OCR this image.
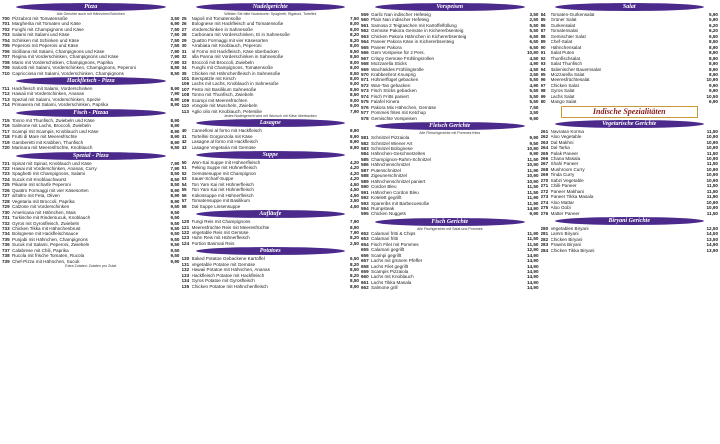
Pizza
Alle Gerichte auch mit Hähnchen/Schinken
700 Pizzabrot mit Tomatensoße	3,50
701 Margherita mit Tomaten und Käse	6,90
702 Funghi mit Champignons und Käse	7,50
703 Salami mit Salami und Käse	7,50
704 Schinken mit Schinken und Käse	7,50
705 Peperoni mit Peperoni und Käse	7,50
706 Sicilliana mit Salami, Champignons und Käse	7,90
707 Regina mit Vorderschinken, Champignons und Käse	7,90
708 Mario mit Vorderschinken, Champignons, Paprika	7,90
709 Salcotti mit Salami, Vorderschinken, Champignons, Peperoni	8,50
710 Capricciosa mit Salami, Vorderschinken, Champignons	8,50
Hackfleisch - Pizza
711 Hackfleisch mit Salami, Vorderschinken	8,90
712 Hawaii mit Vorderschinken, Ananas	7,90
713 Spezial mit Salami, Vorderschinken, Spezie	8,90
714 Primavera mit Salami, Vorderschinken, Paprika	8,90
Fisch - Pizzaa
715 Tonno mit Thunfisch, Zwiebeln und Käse	8,90
716 Salmone mit Lachs, Broccoli, Zwiebeln	8,90
717 Scampi mit Scampis, Knoblauch und Käse	8,90
718 Frutti di Mare mit Meeresfrüchte	8,90
719 Gamberetti mit Krabben, Thunfisch	8,90
720 Marinara mit Meeresfrüchte, Knoblauch	9,50
Spezial - Pizza
721 Spinat mit Spinat, Knoblauch und Käse	7,90
722 Hawai mit Vorderschinken, Ananas, Curry	7,90
723 Spaghetti mit Champignons, Salami	8,50
724 Sucuk mit Knoblauchwurst	8,50
725 Pikante mit scharfe Peperoni	8,50
726 Quattro Formaggi mit vier Käsesorten	8,90
727 all'altro mit Feta, Oliven	8,90
728 Vegetaria mit Broccoli, Paprika	8,90
729 Calzone mit Vorderschinken	9,50
730 Americana mit Hähnchen, Mais	9,50
731 Turkische mit Rindersucuk, Knoblauch	9,50
732 Gyros mit Gyrosfleisch, Zwiebeln	9,50
733 Chicken Tikka mit Hähnchenbrust	9,50
734 Bolognese mit Hackfleischsauce	9,50
735 Punjabi mit Hähnchen, Champignons	9,50
736 Sucuk mit Salami, Peperoni, Zwiebeln	9,50
737 Calabrese mit Chili, Paprika	9,50
738 Rucola mit frische Tomaten, Rucola	9,50
739 Chef-Pizza mit Hähnchen, Sucuk	9,90
Extra Zutaten: Zutaten pro Zutat
Nudelgerichte
Wählen Sie bitte Nudelsorte: Spaghetti, Rigatoni, Tortellini
25	Napoli mit Tomatensoße	7,50
26	Bolognese mit Hackfleisch und Tomatensoße	8,00
27	Vorderschinken in Sahnesoße	8,00
28	Carbonara mit Vorderschinken, Ei in Sahnesoße	8,20
29	Quattro Formaggi mit vier Käsesorten	8,20
30	Arrabiata mit Knoblauch, Peperoni	8,00
31	al Forno mit Hackfleisch, Käse überbacken	8,50
32	alla Panna mit Vorderschinken in Sahnesoße	8,50
33	Broccoli mit Broccoli, Zwiebeln	8,00
34	Funghi mit Champignons, Tomatensoße	8,00
35	Chicken mit Hähnchenfleisch in Sahnesoße	8,50
101 Bierspätzle mit Kirsch	8,00
106 Lachs mit Lachs, Knoblauch in Sahnesoße	9,00
107 Pesto mit Basilikum Sahnesoße	8,50
108 Tonno mit Thunfisch, Zwiebeln	8,50
109 Scampi mit Meeresfrüchten	9,00
110 Vongole mit Muscheln, Zwiebeln	9,00
113 Aglio olio mit Knoblauch, Petersilie	7,90
Jedes Nudelgericht wird mit Wunsch mit Käse überbacken
Lasagne
40	Cannelloni al forno mit Hackfleisch	8,90
41	Tortellini Gorgonzola mit Käse	8,90
42	Lasagne al forno mit Hackfleisch	8,90
43	Lasagne Vegetaria mit Gemüse	8,90
Suppe
50	Won-Sai Suppe mit Hühnerfleisch	4,20
51	Peking Suppe mit Hühnerfleisch	4,20
52	Gemüsesuppe mit Champignon	4,20
53	Sauer-Scharf-Suppe	4,20
54	Ton Yam Kai mit Hühnerfleisch	4,50
55	Ton Yam Kai mit Hühnerfleisch	4,50
56	Kokossuppe mit Hühnerfleisch	4,50
57	Tomatensuppe mit Basilikum	3,50
58	Dal Suppe Linsensuppe	4,50
Aufläufe
120 Fungi Reis mit Champignons	7,90
121 Meeresfrüchte Reis mit Meeresfrüchte	8,90
122 Vegetable Reis mit Gemüse	7,90
123 Huhn Reis mit Hühnerfleisch	8,20
124 Portion Basmati Reis	2,50
Potatoes
130 Baked Potatoe Gebackene Kartoffel	6,50
131 Vegetable Potatoe mit Gemüse	8,20
132 Hawaii Potatoe mit Hähnchen, Ananas	8,50
133 Hackfleisch Potatoe mit Hackfleisch	8,20
134 Gyros Potatoe mit Gyrosfleisch	8,50
135 Chicken Potatoe mit Hähnchenfleisch	8,90
Vorspeisen
559 Garlic Nan indischer Hefeteig	3,50
560 Plain Nan indischer Hefeteig	2,50
561 Samosa 2 Teigtaschen mit Kartoffelfüllung	5,50
562 Gemüse Pakora Gemüse in Kichererbsenteig	5,50
563 Chicken Pakora Hähnchen in Kichererbsenteig	6,50
564 Paneer Pakora Käse in Kichererbsenteig	6,50
565 Paneer Pakora	6,50
566 Gem Vorspeise für 2 Pers.	10,90
567 Crispy Gemüse Frühlingsrollen	4,50
568 Mozzarella Sticks	4,90
569 Wachteldes Frühlingsrolle	4,50
570 Krabbenbrot Knusprig	3,50
571 Hühnerflügel gebacken	5,50
572 Wan-Tan gebacken	4,90
573 Fisch Sticks gebacken	5,50
574 Fisch Fritts paniert	5,50
575 Falafel Kinera	5,50
576 Pakora Mix Hähnchen, Gemüse	7,50
577 Pommes frites mit Ketchup	3,50
578 Gemischte Vorspeisen	9,90
Fleisch Gerichte
Alle Fleischgerichte mit Pommes frites
581 Schnitzel Pizzaiola	9,90
582 Schnitzel Wiener Art	9,50
583 Schnitzel Bolognese	10,90
584 Hähnchen-Geschnetzeltes	9,90
585 Champignon-Rahm-Schnitzel	11,50
586 Hähnchenschnitzel	10,90
587 Putenschnitzel	11,90
588 Zigeunerschnitzel	10,90
589 Hähnchenschnitzel paniert	10,90
590 Cordon Bleu	11,50
591 Hähnchen Cordon Bleu	11,50
592 Kotelett gegrillt	11,90
593 Spareribs mit Barbecuesoße	11,90
594 Rumpsteak	14,90
595 Chicken Nuggets	9,90
Fisch Gerichte
Alle Fischgerichte mit Salat und Pommes
652 Calamari fritti & Chips	11,90
653 Calamari fritti	11,50
654 Fisch Filet mit Pommes	11,50
655 Calamari gegrillt	12,90
656 Scampi gegrillt	14,90
657 Lachs mit grünem Pfeffer	14,90
658 Lachs Filet gegrillt	14,90
659 Scampis Pizzaiola	14,90
660 Lachs mit Knoblauch	14,90
661 Lachs Tikka Masala	14,90
662 Salmone grill	14,90
Salat
84	Tomaten-Gurkensalat	5,90
85	Grüner Salat	5,90
86	Gurkensalat	6,20
87	Tomatensalat	6,20
88	Gemischter Salat	6,50
89	Chef-Salat	8,50
90	Hähnchensalat	8,90
91	Salat Puten	8,90
92	Thunfischsalat	8,90
93	Salat Thunfisch	8,90
94	Italienischer Bauernsalat	8,90
95	Mozzarella Salat	8,90
96	Meeresfrüchtesalat	10,90
97	Chicken Salat	9,90
98	Gyros Salat	9,90
99	Lachs Salat	10,50
80	Mango Salat	6,90
Indische Spezialitäten
Vegetarische Gerichte
261 Navratan Korma	11,50
262 Aloo Vegetable	10,90
263 Dal Makhni	10,90
264 Dal Tarka	10,90
265 Palak Paneer	11,50
266 Chana Masala	10,90
267 Shahi Paneer	11,50
268 Mushroom Curry	10,90
269 Tinda Curry	10,90
270 Sabzi Vegetable	10,90
271 Chilli Paneer	11,50
272 Paneer Makhani	11,50
273 Paneer Tikka Masala	11,90
274 Aloo Mattar	10,90
275 Aloo Gobi	10,90
276 Matter Paneer	11,50
Biryani Gerichte
280 Vegetables Biryani	12,50
281 Lamm Biryani	14,50
282 Chicken Biryani	13,50
283 Prawns Biryani	14,90
284 Chicken Tikka Biryani	13,90
